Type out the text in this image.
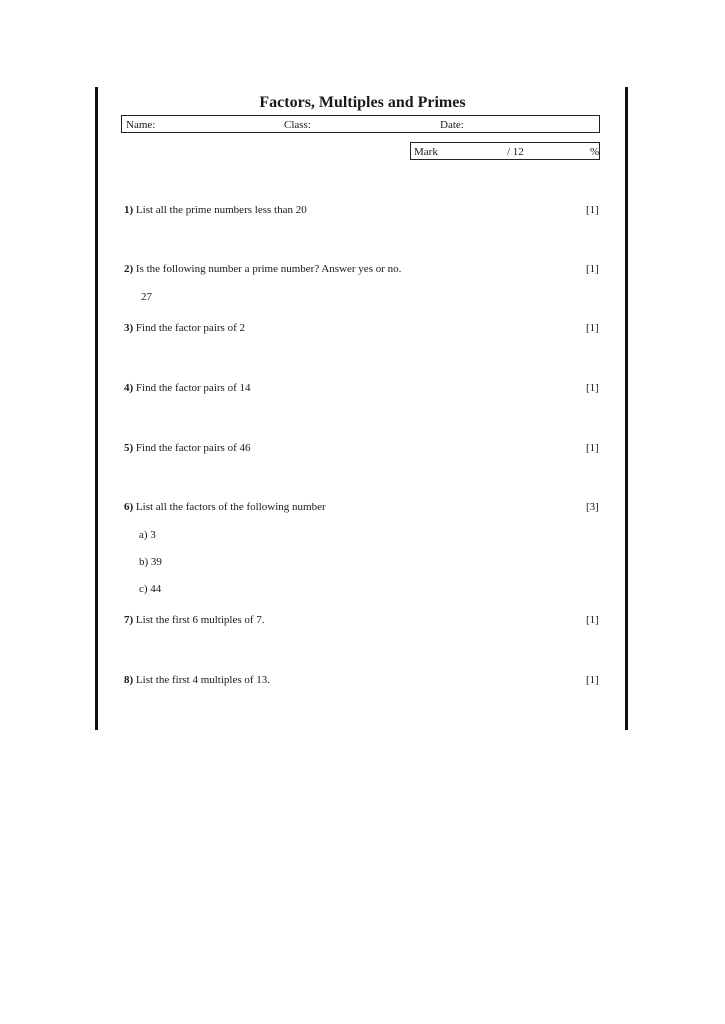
Factors, Multiples and Primes
Name:	Class:	Date:
Mark	/ 12	%
1) List all the prime numbers less than 20	[1]
2) Is the following number a prime number? Answer yes or no.	[1]
27
3) Find the factor pairs of 2	[1]
4) Find the factor pairs of 14	[1]
5) Find the factor pairs of 46	[1]
6) List all the factors of the following number	[3]
a) 3
b) 39
c) 44
7) List the first 6 multiples of 7.	[1]
8) List the first 4 multiples of 13.	[1]
